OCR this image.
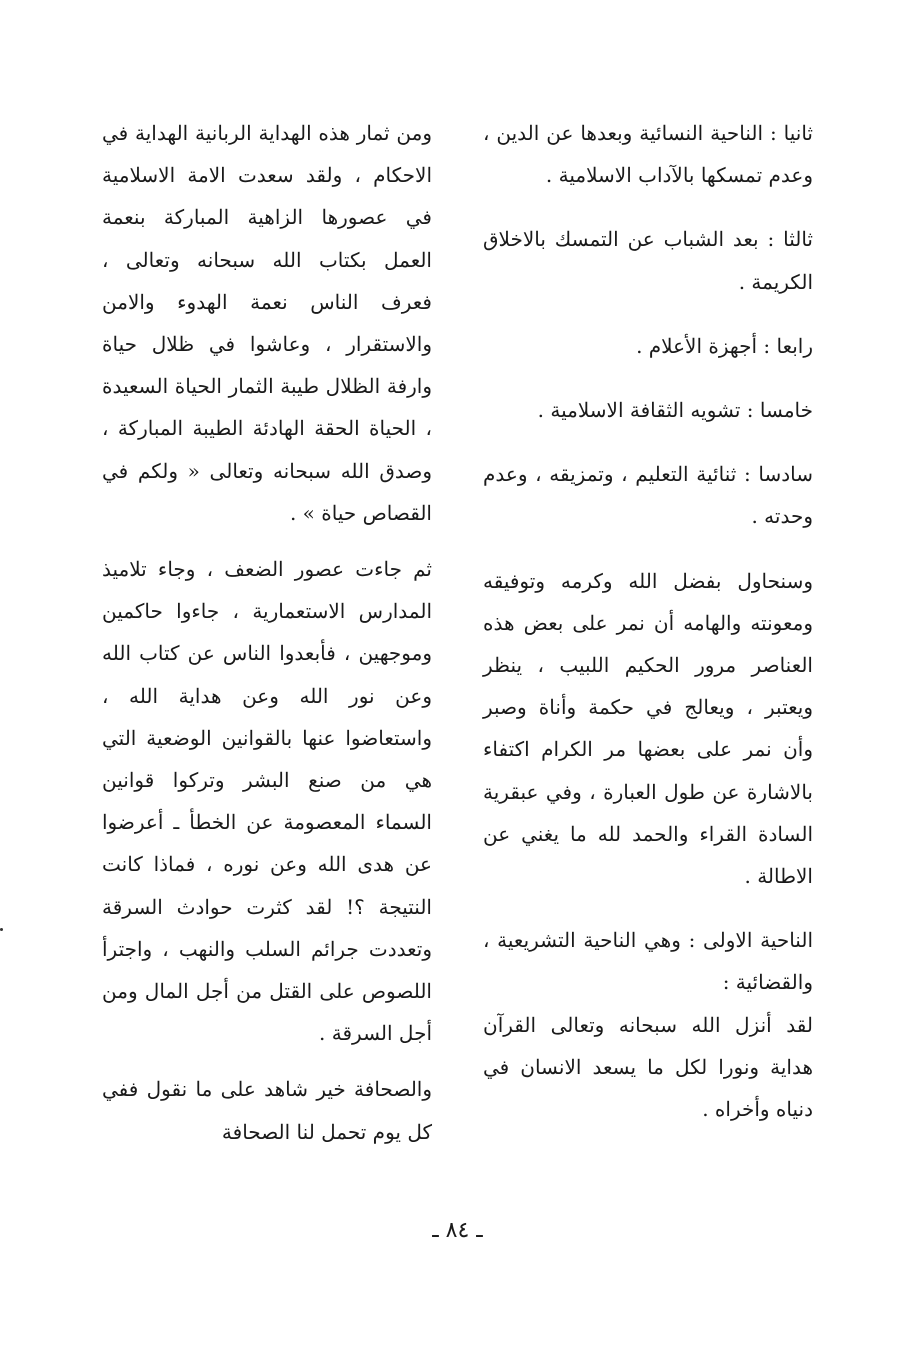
ثانيا : الناحية النسائية وبعدها عن الدين ، وعدم تمسكها بالآداب الاسلامية .

ثالثا : بعد الشباب عن التمسك بالاخلاق الكريمة .

رابعا : أجهزة الأعلام .

خامسا : تشويه الثقافة الاسلامية .

سادسا : ثنائية التعليم ، وتمزيقه ، وعدم وحدته .

وسنحاول بفضل الله وكرمه وتوفيقه ومعونته والهامه أن نمر على بعض هذه العناصر مرور الحكيم اللبيب ، ينظر ويعتبر ، ويعالج في حكمة وأناة وصبر وأن نمر على بعضها مر الكرام اكتفاء بالاشارة عن طول العبارة ، وفي عبقرية السادة القراء والحمد لله ما يغني عن الاطالة .

الناحية الاولى : وهي الناحية التشريعية ، والقضائية :

لقد أنزل الله سبحانه وتعالى القرآن هداية ونورا لكل ما يسعد الانسان في دنياه وأخراه .

ومن ثمار هذه الهداية الربانية الهداية في الاحكام ، ولقد سعدت الامة الاسلامية في عصورها الزاهية المباركة بنعمة العمل بكتاب الله سبحانه وتعالى ، فعرف الناس نعمة الهدوء والامن والاستقرار ، وعاشوا في ظلال حياة وارفة الظلال طيبة الثمار الحياة السعيدة ، الحياة الحقة الهادئة الطيبة المباركة ، وصدق الله سبحانه وتعالى « ولكم في القصاص حياة » .

ثم جاءت عصور الضعف ، وجاء تلاميذ المدارس الاستعمارية ، جاءوا حاكمين وموجهين ، فأبعدوا الناس عن كتاب الله وعن نور الله وعن هداية الله ، واستعاضوا عنها بالقوانين الوضعية التي هي من صنع البشر وتركوا قوانين السماء المعصومة عن الخطأ ـ أعرضوا عن هدى الله وعن نوره ، فماذا كانت النتيجة ؟! لقد كثرت حوادث السرقة وتعددت جرائم السلب والنهب ، واجترأ اللصوص على القتل من أجل المال ومن أجل السرقة .

والصحافة خير شاهد على ما نقول ففي كل يوم تحمل لنا الصحافة

ـ ٨٤ ـ
